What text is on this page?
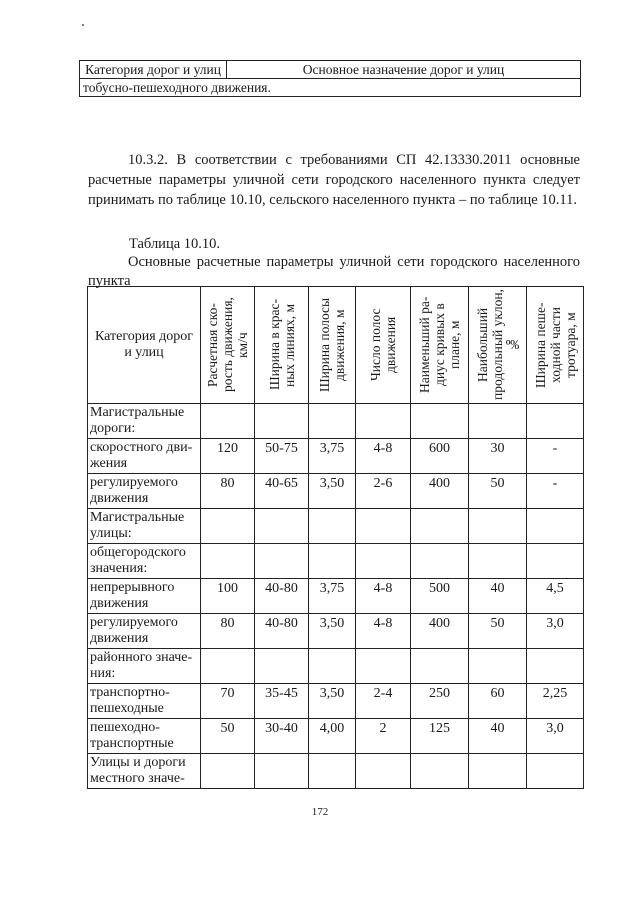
Категория дорог и улиц	Основное назначение дорог и улиц
тобусно-пешеходного движения.

10.3.2. В соответствии с требованиями СП 42.13330.2011 основные расчетные параметры уличной сети городского населенного пункта следует принимать по таблице 10.10, сельского населенного пункта – по таблице 10.11.

Таблица 10.10.

Основные расчетные параметры уличной сети городского населенного пункта

Категория дорог и улиц	Расчетная ско-рость движения, км/ч	Ширина в крас-ных линиях, м	Ширина полосы движения, м	Число полос движения	Наименьший ра-диус кривых в плане, м	Наибольший продольный уклон, ‰	Ширина пеше-ходной части тротуара, м

Магистральные дороги:							
скоростного дви-жения	120	50-75	3,75	4-8	600	30	-
регулируемого движения	80	40-65	3,50	2-6	400	50	-
Магистральные улицы:							
общегородского значения:							
непрерывного движения	100	40-80	3,75	4-8	500	40	4,5
регулируемого движения	80	40-80	3,50	4-8	400	50	3,0
районного значе-ния:							
транспортно-пешеходные	70	35-45	3,50	2-4	250	60	2,25
пешеходно-транспортные	50	30-40	4,00	2	125	40	3,0
Улицы и дороги местного значе-							
172
